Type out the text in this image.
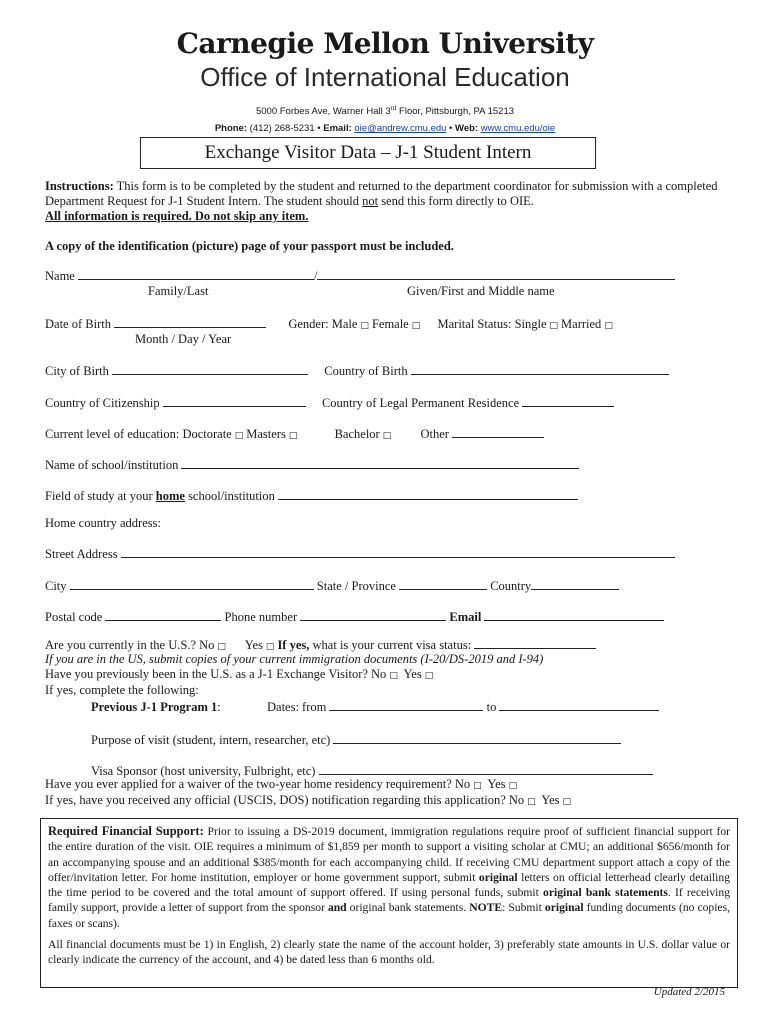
Carnegie Mellon University
Office of International Education
5000 Forbes Ave, Warner Hall 3rd Floor, Pittsburgh, PA 15213
Phone: (412) 268-5231 • Email: oie@andrew.cmu.edu • Web: www.cmu.edu/oie
Exchange Visitor Data – J-1 Student Intern
Instructions: This form is to be completed by the student and returned to the department coordinator for submission with a completed Department Request for J-1 Student Intern. The student should not send this form directly to OIE.
All information is required. Do not skip any item.
A copy of the identification (picture) page of your passport must be included.
Name	/
Family/Last	Given/First and Middle name
Date of Birth	Gender: Male □ Female □ Marital Status: Single □ Married □
Month / Day / Year
City of Birth	Country of Birth
Country of Citizenship	Country of Legal Permanent Residence
Current level of education: Doctorate □ Masters □	Bachelor □ Other
Name of school/institution
Field of study at your home school/institution
Home country address:
Street Address
City	State / Province	Country
Postal code	Phone number	Email
Are you currently in the U.S.? No □ Yes □ If yes, what is your current visa status:
If you are in the US, submit copies of your current immigration documents (I-20/DS-2019 and I-94)
Have you previously been in the U.S. as a J-1 Exchange Visitor? No □ Yes □
If yes, complete the following:
Previous J-1 Program 1:	Dates: from	to
Purpose of visit (student, intern, researcher, etc)
Visa Sponsor (host university, Fulbright, etc)
Have you ever applied for a waiver of the two-year home residency requirement? No □ Yes □
If yes, have you received any official (USCIS, DOS) notification regarding this application? No □ Yes □

Required Financial Support: Prior to issuing a DS-2019 document, immigration regulations require proof of sufficient financial support for the entire duration of the visit. OIE requires a minimum of $1,859 per month to support a visiting scholar at CMU; an additional $656/month for an accompanying spouse and an additional $385/month for each accompanying child. If receiving CMU department support attach a copy of the offer/invitation letter. For home institution, employer or home government support, submit original letters on official letterhead clearly detailing the time period to be covered and the total amount of support offered. If using personal funds, submit original bank statements. If receiving family support, provide a letter of support from the sponsor and original bank statements. NOTE: Submit original funding documents (no copies, faxes or scans).

All financial documents must be 1) in English, 2) clearly state the name of the account holder, 3) preferably state amounts in U.S. dollar value or clearly indicate the currency of the account, and 4) be dated less than 6 months old.

Updated 2/2015
